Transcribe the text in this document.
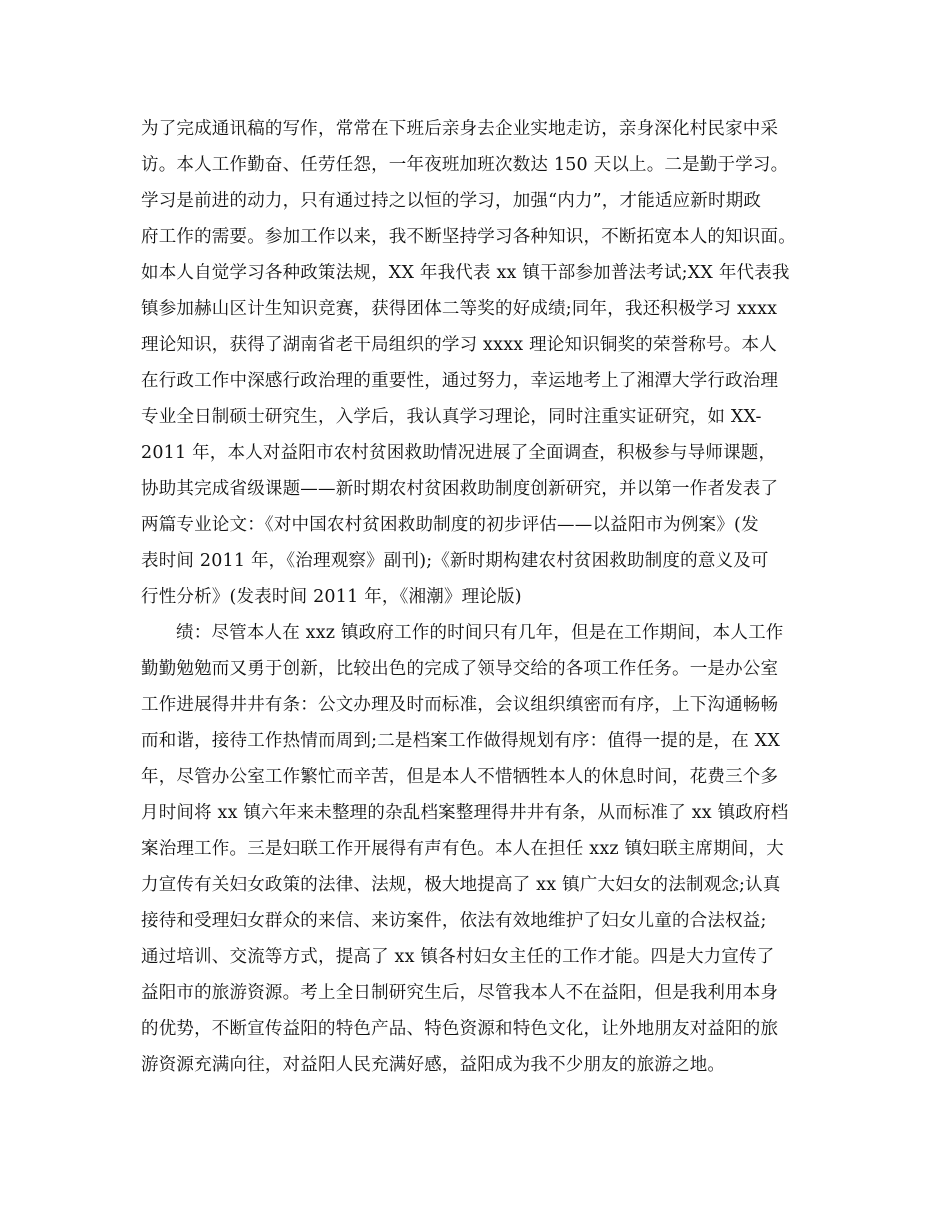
为了完成通讯稿的写作，常常在下班后亲身去企业实地走访，亲身深化村民家中采
访。本人工作勤奋、任劳任怨，一年夜班加班次数达 150 天以上。二是勤于学习。
学习是前进的动力，只有通过持之以恒的学习，加强“内力”，才能适应新时期政
府工作的需要。参加工作以来，我不断坚持学习各种知识，不断拓宽本人的知识面。
如本人自觉学习各种政策法规，XX 年我代表 xx 镇干部参加普法考试;XX 年代表我
镇参加赫山区计生知识竞赛，获得团体二等奖的好成绩;同年，我还积极学习 xxxx
理论知识，获得了湖南省老干局组织的学习 xxxx 理论知识铜奖的荣誉称号。本人
在行政工作中深感行政治理的重要性，通过努力，幸运地考上了湘潭大学行政治理
专业全日制硕士研究生，入学后，我认真学习理论，同时注重实证研究，如 XX-
2011 年，本人对益阳市农村贫困救助情况进展了全面调查，积极参与导师课题，
协助其完成省级课题——新时期农村贫困救助制度创新研究，并以第一作者发表了
两篇专业论文：《对中国农村贫困救助制度的初步评估——以益阳市为例案》(发
表时间 2011 年，《治理观察》副刊);《新时期构建农村贫困救助制度的意义及可
行性分析》(发表时间 2011 年，《湘潮》理论版)
绩：尽管本人在 xxz 镇政府工作的时间只有几年，但是在工作期间，本人工作
勤勤勉勉而又勇于创新，比较出色的完成了领导交给的各项工作任务。一是办公室
工作进展得井井有条：公文办理及时而标准，会议组织缜密而有序，上下沟通畅畅
而和谐，接待工作热情而周到;二是档案工作做得规划有序：值得一提的是，在 XX
年，尽管办公室工作繁忙而辛苦，但是本人不惜牺牲本人的休息时间，花费三个多
月时间将 xx 镇六年来未整理的杂乱档案整理得井井有条，从而标准了 xx 镇政府档
案治理工作。三是妇联工作开展得有声有色。本人在担任 xxz 镇妇联主席期间，大
力宣传有关妇女政策的法律、法规，极大地提高了 xx 镇广大妇女的法制观念;认真
接待和受理妇女群众的来信、来访案件，依法有效地维护了妇女儿童的合法权益;
通过培训、交流等方式，提高了 xx 镇各村妇女主任的工作才能。四是大力宣传了
益阳市的旅游资源。考上全日制研究生后，尽管我本人不在益阳，但是我利用本身
的优势，不断宣传益阳的特色产品、特色资源和特色文化，让外地朋友对益阳的旅
游资源充满向往，对益阳人民充满好感，益阳成为我不少朋友的旅游之地。
